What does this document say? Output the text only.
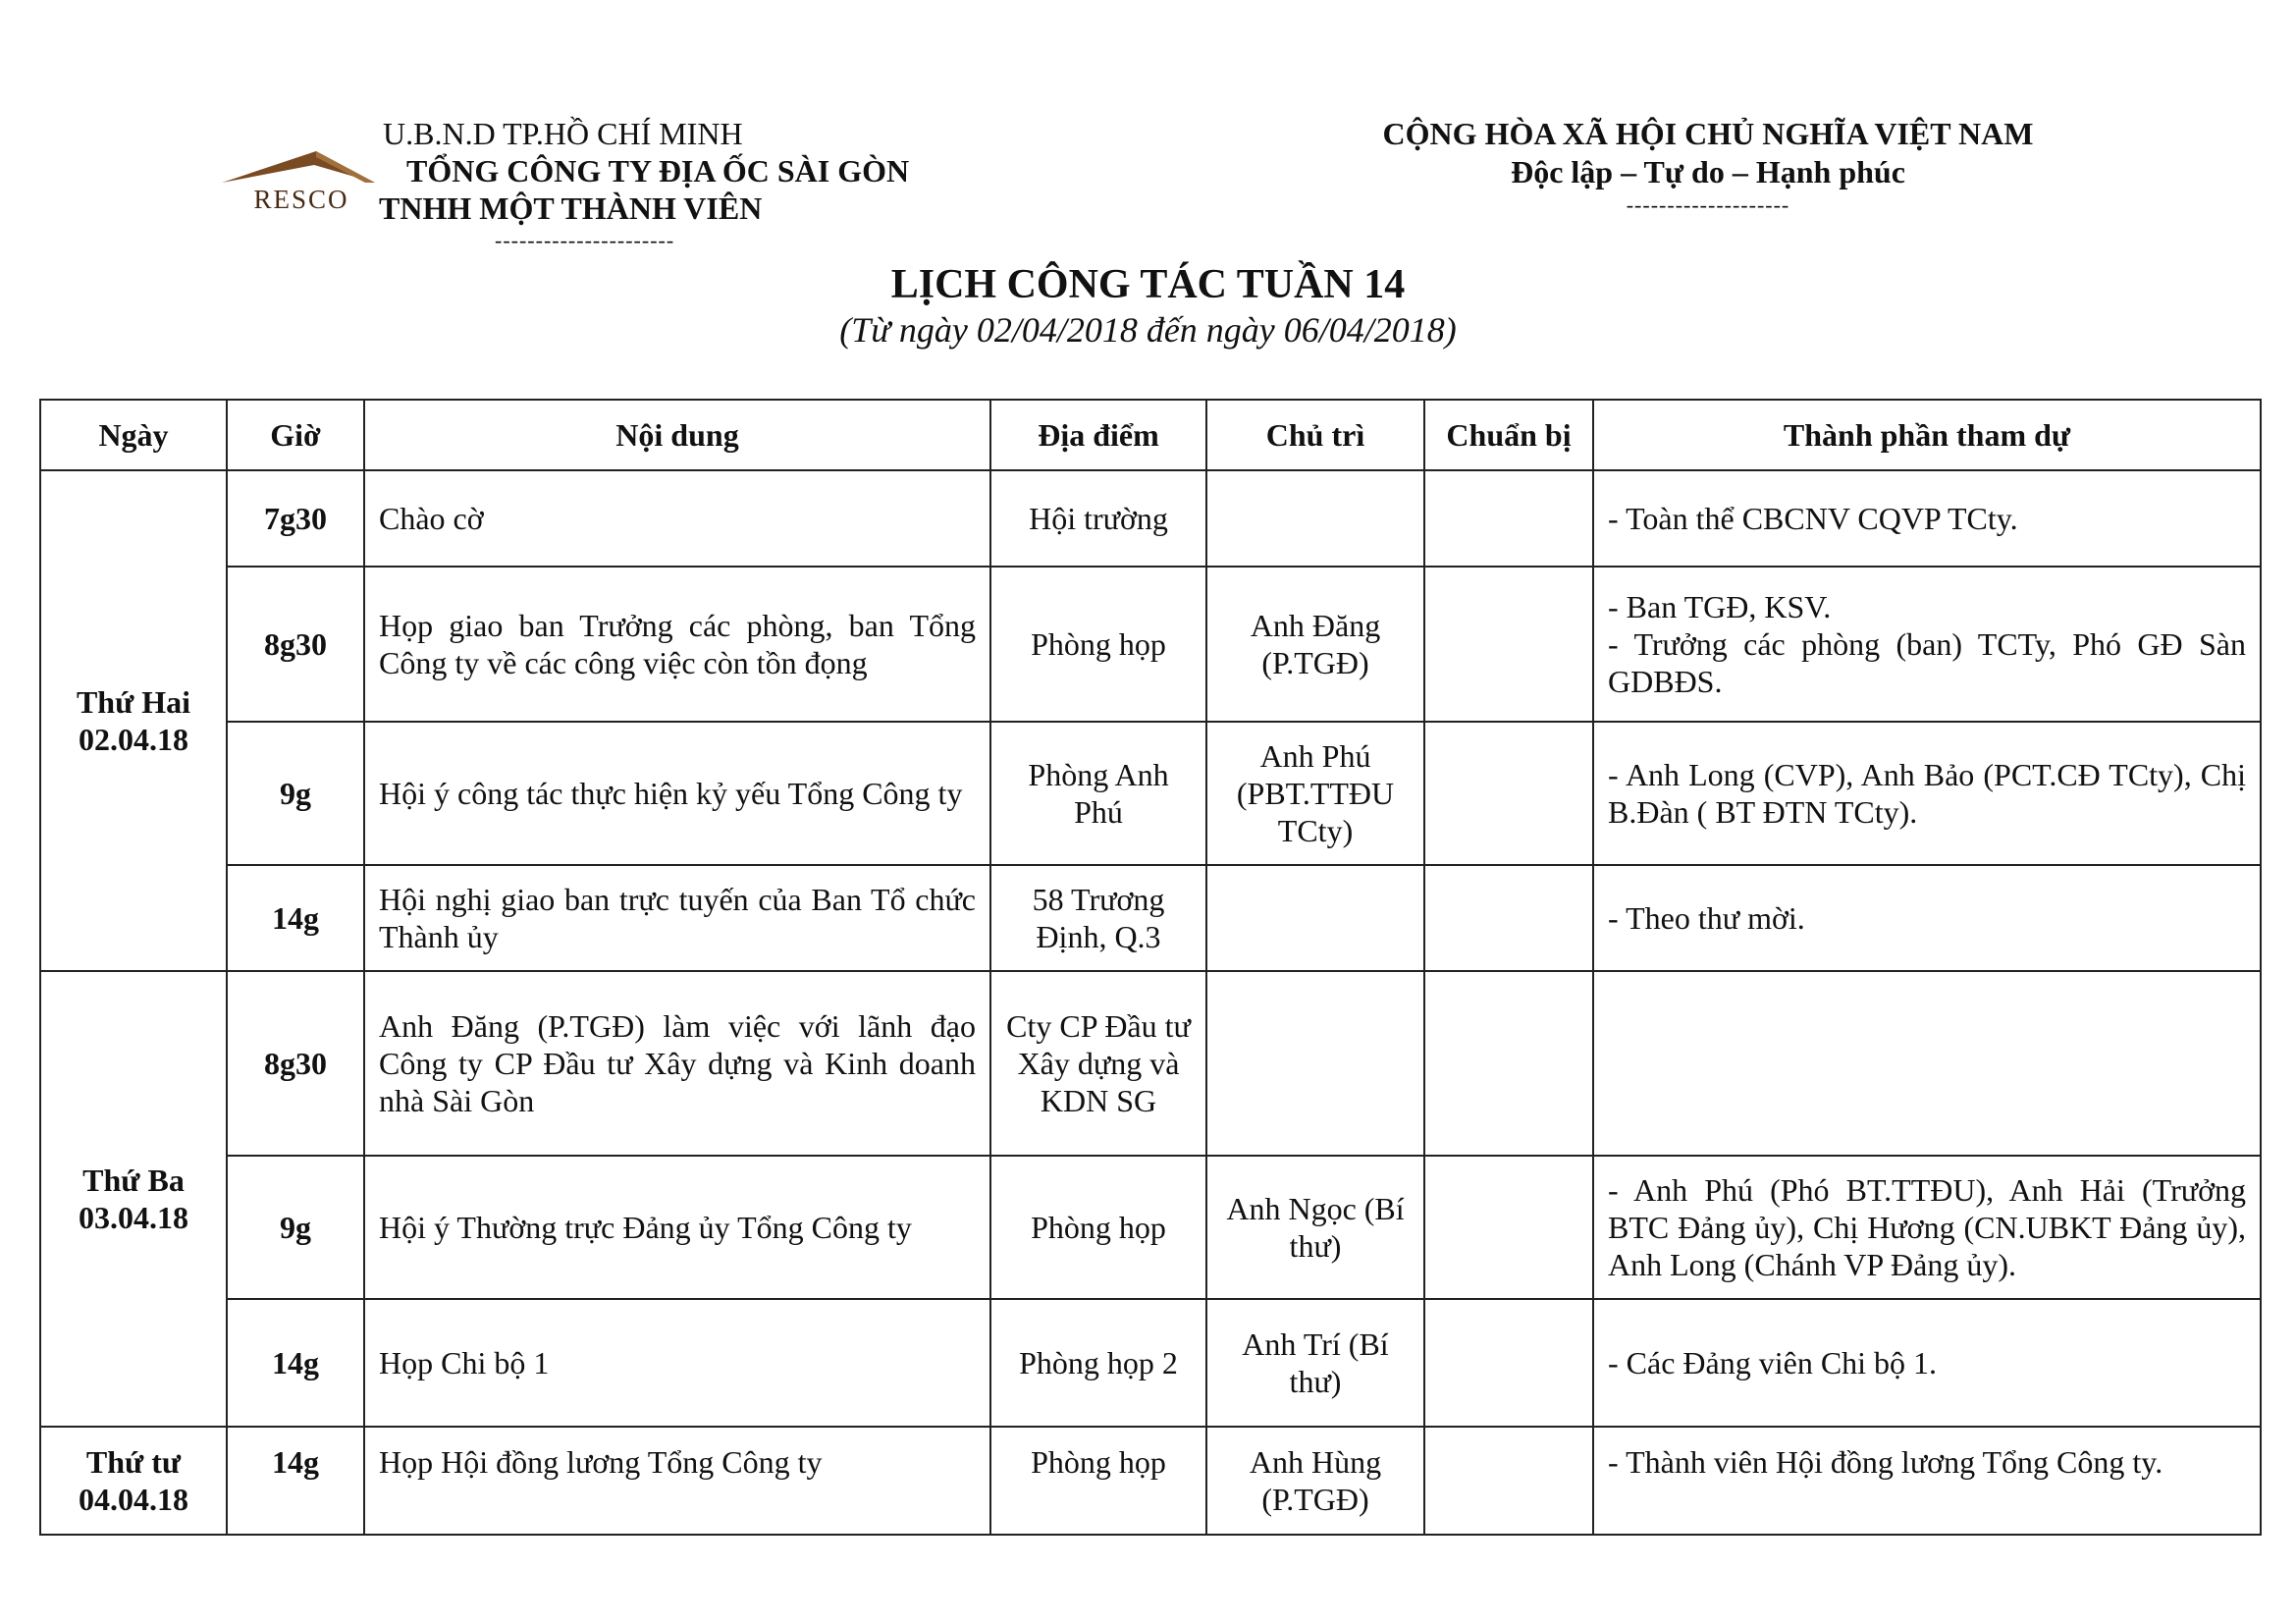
RESCO
U.B.N.D TP.HỒ CHÍ MINH
TỔNG CÔNG TY ĐỊA ỐC SÀI GÒN
TNHH MỘT THÀNH VIÊN
----------------------
CỘNG HÒA XÃ HỘI CHỦ NGHĨA VIỆT NAM
Độc lập – Tự do – Hạnh phúc
--------------------
LỊCH CÔNG TÁC TUẦN 14
(Từ ngày 02/04/2018 đến ngày 06/04/2018)
Ngày	Giờ	Nội dung	Địa điểm	Chủ trì	Chuẩn bị	Thành phần tham dự

Thứ Hai
02.04.18	7g30	Chào cờ	Hội trường			- Toàn thể CBCNV CQVP TCty.

	8g30	Họp giao ban Trưởng các phòng, ban Tổng Công ty về các công việc còn tồn đọng	Phòng họp	Anh Đăng (P.TGĐ)		- Ban TGĐ, KSV.
- Trưởng các phòng (ban) TCTy, Phó GĐ Sàn GDBĐS.

	9g	Hội ý công tác thực hiện kỷ yếu Tổng Công ty	Phòng Anh Phú	Anh Phú (PBT.TTĐU TCty)		- Anh Long (CVP), Anh Bảo (PCT.CĐ TCty), Chị B.Đàn ( BT ĐTN TCty).

	14g	Hội nghị giao ban trực tuyến của Ban Tổ chức Thành ủy	58 Trương Định, Q.3			- Theo thư mời.

Thứ Ba
03.04.18	8g30	Anh Đăng (P.TGĐ) làm việc với lãnh đạo Công ty CP Đầu tư Xây dựng và Kinh doanh nhà Sài Gòn	Cty CP Đầu tư Xây dựng và KDN SG			

	9g	Hội ý Thường trực Đảng ủy Tổng Công ty	Phòng họp	Anh Ngọc (Bí thư)		- Anh Phú (Phó BT.TTĐU), Anh Hải (Trưởng BTC Đảng ủy), Chị Hương (CN.UBKT Đảng ủy), Anh Long (Chánh VP Đảng ủy).

	14g	Họp Chi bộ 1	Phòng họp 2	Anh Trí (Bí thư)		- Các Đảng viên Chi bộ 1.

Thứ tư
04.04.18	14g	Họp Hội đồng lương Tổng Công ty	Phòng họp	Anh Hùng (P.TGĐ)		- Thành viên Hội đồng lương Tổng Công ty.
